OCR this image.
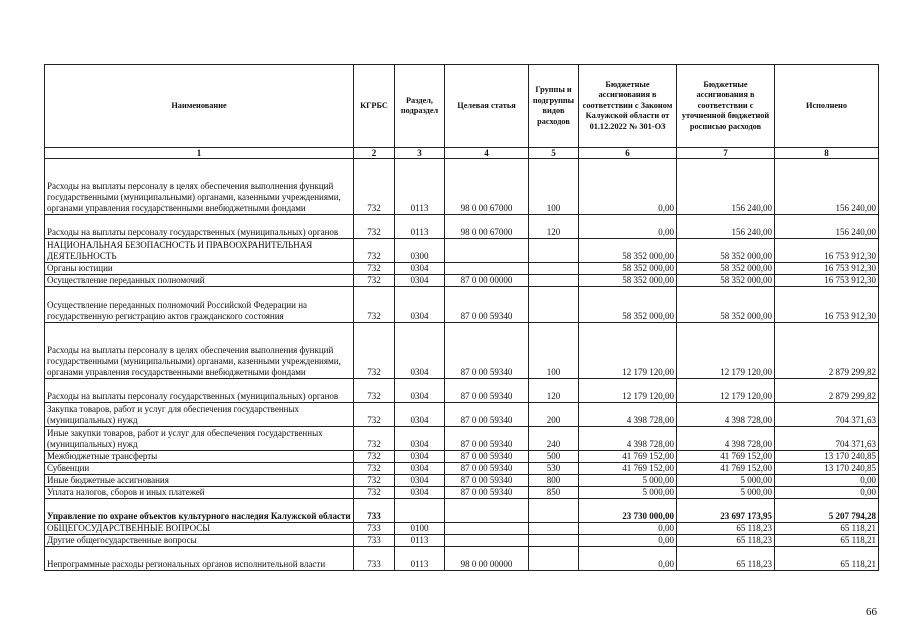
Наименование	КГРБС	Раздел, подраздел	Целевая статья	Группы и подгруппы видов расходов	Бюджетные ассигнования в соответствии с Законом Калужской области от 01.12.2022 № 301-ОЗ	Бюджетные ассигнования в соответствии с уточненной бюджетной росписью расходов	Исполнено
1	2	3	4	5	6	7	8
Расходы на выплаты персоналу в целях обеспечения выполнения функций государственными (муниципальными) органами, казенными учреждениями, органами управления государственными внебюджетными фондами	732	0113	98 0 00 67000	100	0,00	156 240,00	156 240,00
Расходы на выплаты персоналу государственных (муниципальных) органов	732	0113	98 0 00 67000	120	0,00	156 240,00	156 240,00
НАЦИОНАЛЬНАЯ БЕЗОПАСНОСТЬ И ПРАВООХРАНИТЕЛЬНАЯ ДЕЯТЕЛЬНОСТЬ	732	0300			58 352 000,00	58 352 000,00	16 753 912,30
Органы юстиции	732	0304			58 352 000,00	58 352 000,00	16 753 912,30
Осуществление переданных полномочий	732	0304	87 0 00 00000		58 352 000,00	58 352 000,00	16 753 912,30
Осуществление переданных полномочий Российской Федерации на государственную регистрацию актов гражданского состояния	732	0304	87 0 00 59340		58 352 000,00	58 352 000,00	16 753 912,30
Расходы на выплаты персоналу в целях обеспечения выполнения функций государственными (муниципальными) органами, казенными учреждениями, органами управления государственными внебюджетными фондами	732	0304	87 0 00 59340	100	12 179 120,00	12 179 120,00	2 879 299,82
Расходы на выплаты персоналу государственных (муниципальных) органов	732	0304	87 0 00 59340	120	12 179 120,00	12 179 120,00	2 879 299,82
Закупка товаров, работ и услуг для обеспечения государственных (муниципальных) нужд	732	0304	87 0 00 59340	200	4 398 728,00	4 398 728,00	704 371,63
Иные закупки товаров, работ и услуг для обеспечения государственных (муниципальных) нужд	732	0304	87 0 00 59340	240	4 398 728,00	4 398 728,00	704 371,63
Межбюджетные трансферты	732	0304	87 0 00 59340	500	41 769 152,00	41 769 152,00	13 170 240,85
Субвенции	732	0304	87 0 00 59340	530	41 769 152,00	41 769 152,00	13 170 240,85
Иные бюджетные ассигнования	732	0304	87 0 00 59340	800	5 000,00	5 000,00	0,00
Уплата налогов, сборов и иных платежей	732	0304	87 0 00 59340	850	5 000,00	5 000,00	0,00
Управление по охране объектов культурного наследия Калужской области	733				23 730 000,00	23 697 173,95	5 207 794,28
ОБЩЕГОСУДАРСТВЕННЫЕ ВОПРОСЫ	733	0100			0,00	65 118,23	65 118,21
Другие общегосударственные вопросы	733	0113			0,00	65 118,23	65 118,21
Непрограммные расходы региональных органов исполнительной власти	733	0113	98 0 00 00000		0,00	65 118,23	65 118,21
66
